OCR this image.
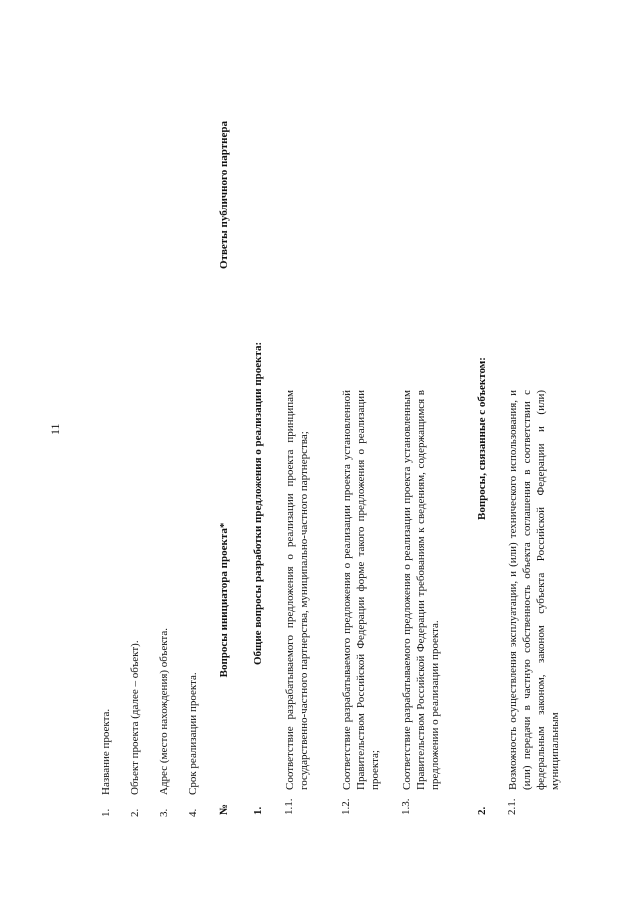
11
1.Название проекта.
2.Объект проекта (далее – объект).
3.Адрес (место нахождения) объекта.
4.Срок реализации проекта.
№
Вопросы инициатора проекта*
Ответы публичного партнера
1.
Общие вопросы разработки предложения о реализации проекта:
1.1.
Соответствие разрабатываемого предложения о реализации проекта принципам государственно-частного партнерства, муниципально-частного партнерства;
1.2.
Соответствие разрабатываемого предложения о реализации проекта установленной Правительством Российской Федерации форме такого предложения о реализации проекта;
1.3.
Соответствие разрабатываемого предложения о реализации проекта установленным Правительством Российской Федерации требованиям к сведениям, содержащимся в предложении о реализации проекта.
2.
Вопросы, связанные с объектом:
2.1.
Возможность осуществления эксплуатации, и (или) технического использования, и (или) передачи в частную собственность объекта соглашения в соответствии с федеральным законом, законом субъекта Российской Федерации и (или) муниципальным
